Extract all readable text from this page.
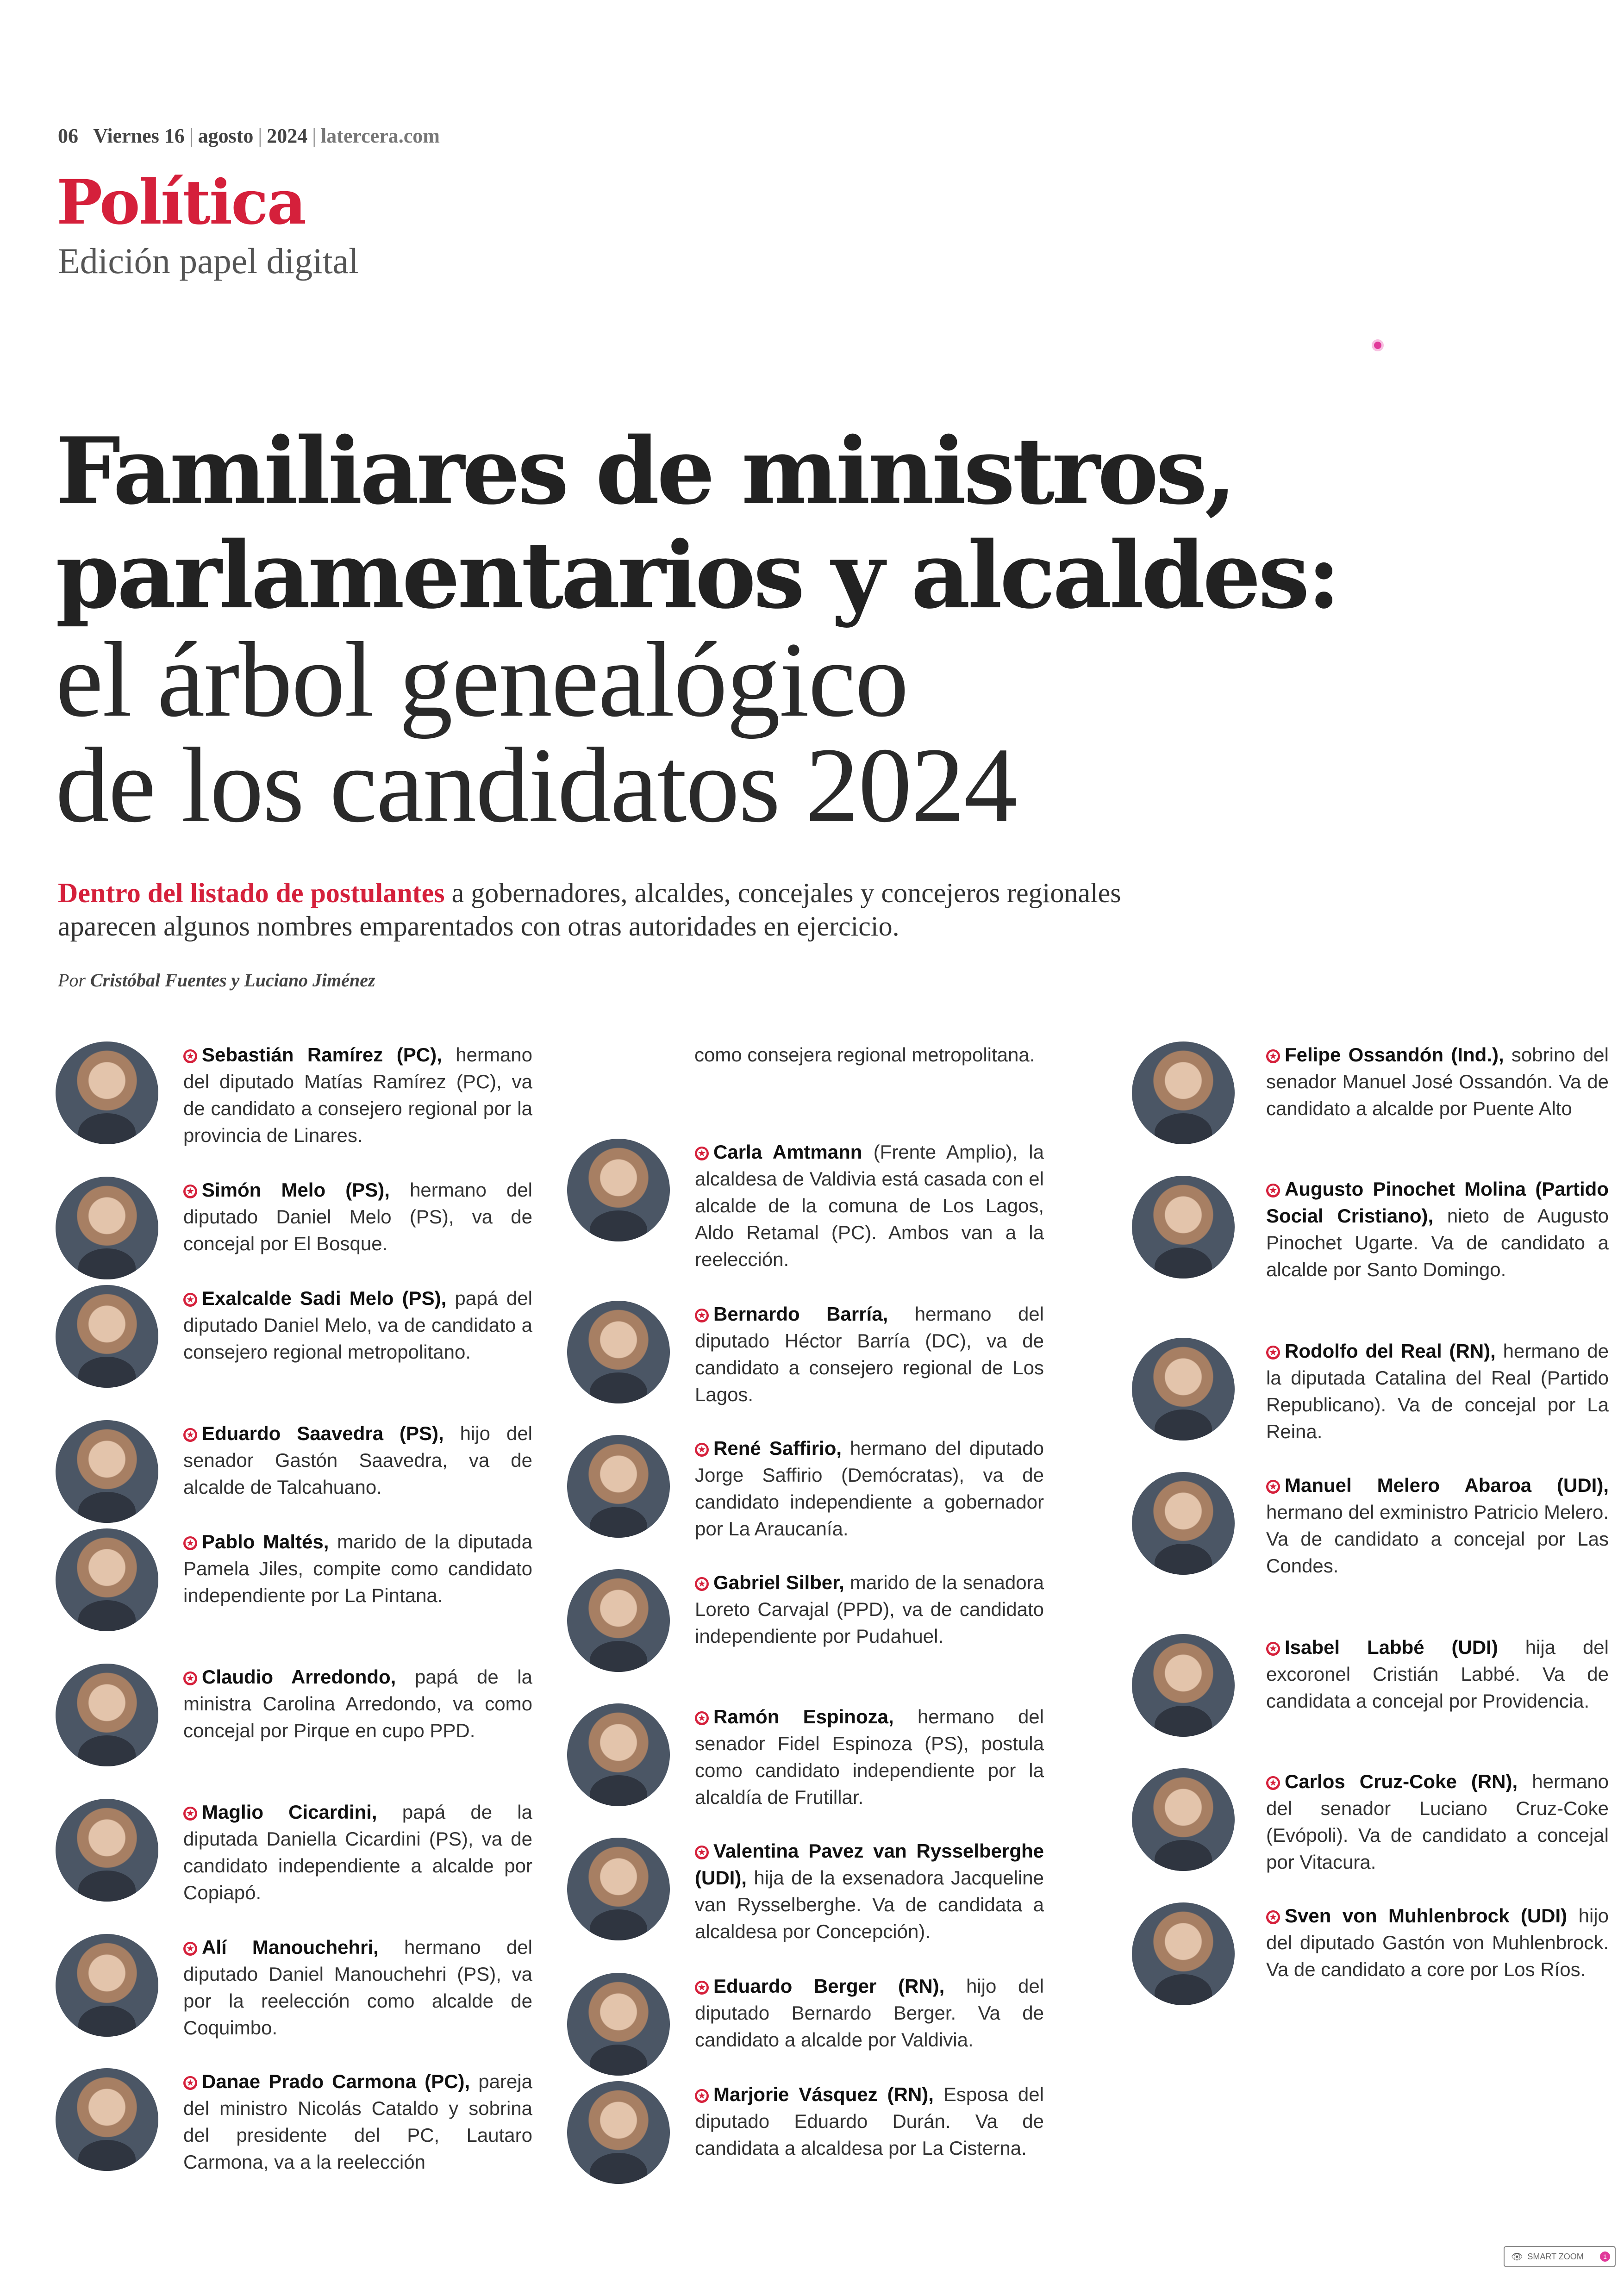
06 Viernes 16 | agosto | 2024 | latercera.com
Política
Edición papel digital
Familiares de ministros,
parlamentarios y alcaldes:
el árbol genealógico
de los candidatos 2024
Dentro del listado de postulantes a gobernadores, alcaldes, concejales y concejeros regionales aparecen algunos nombres emparentados con otras autoridades en ejercicio.
Por Cristóbal Fuentes y Luciano Jiménez
✪ Sebastián Ramírez (PC), hermano del diputado Matías Ramírez (PC), va de candidato a consejero regional por la provincia de Linares.
✪ Simón Melo (PS), hermano del diputado Daniel Melo (PS), va de concejal por El Bosque.
✪ Exalcalde Sadi Melo (PS), papá del diputado Daniel Melo, va de candidato a consejero regional metropolitano.
✪ Eduardo Saavedra (PS), hijo del senador Gastón Saavedra, va de alcalde de Talcahuano.
✪ Pablo Maltés, marido de la diputada Pamela Jiles, compite como candidato independiente por La Pintana.
✪ Claudio Arredondo, papá de la ministra Carolina Arredondo, va como concejal por Pirque en cupo PPD.
✪ Maglio Cicardini, papá de la diputada Daniella Cicardini (PS), va de candidato independiente a alcalde por Copiapó.
✪ Alí Manouchehri, hermano del diputado Daniel Manouchehri (PS), va por la reelección como alcalde de Coquimbo.
✪ Danae Prado Carmona (PC), pareja del ministro Nicolás Cataldo y sobrina del presidente del PC, Lautaro Carmona, va a la reelección
como consejera regional metropolitana.
✪ Carla Amtmann (Frente Amplio), la alcaldesa de Valdivia está casada con el alcalde de la comuna de Los Lagos, Aldo Retamal (PC). Ambos van a la reelección.
✪ Bernardo Barría, hermano del diputado Héctor Barría (DC), va de candidato a consejero regional de Los Lagos.
✪ René Saffirio, hermano del diputado Jorge Saffirio (Demócratas), va de candidato independiente a gobernador por La Araucanía.
✪ Gabriel Silber, marido de la senadora Loreto Carvajal (PPD), va de candidato independiente por Pudahuel.
✪ Ramón Espinoza, hermano del senador Fidel Espinoza (PS), postula como candidato independiente por la alcaldía de Frutillar.
✪ Valentina Pavez van Rysselberghe (UDI), hija de la exsenadora Jacqueline van Rysselberghe. Va de candidata a alcaldesa por Concepción).
✪ Eduardo Berger (RN), hijo del diputado Bernardo Berger. Va de candidato a alcalde por Valdivia.
✪ Marjorie Vásquez (RN), Esposa del diputado Eduardo Durán. Va de candidata a alcaldesa por La Cisterna.
✪ Felipe Ossandón (Ind.), sobrino del senador Manuel José Ossandón. Va de candidato a alcalde por Puente Alto
✪ Augusto Pinochet Molina (Partido Social Cristiano), nieto de Augusto Pinochet Ugarte. Va de candidato a alcalde por Santo Domingo.
✪ Rodolfo del Real (RN), hermano de la diputada Catalina del Real (Partido Republicano). Va de concejal por La Reina.
✪ Manuel Melero Abaroa (UDI), hermano del exministro Patricio Melero. Va de candidato a concejal por Las Condes.
✪ Isabel Labbé (UDI) hija del excoronel Cristián Labbé. Va de candidata a concejal por Providencia.
✪ Carlos Cruz-Coke (RN), hermano del senador Luciano Cruz-Coke (Evópoli). Va de candidato a concejal por Vitacura.
✪ Sven von Muhlenbrock (UDI) hijo del diputado Gastón von Muhlenbrock. Va de candidato a core por Los Ríos.
👁 SMART ZOOM	1
